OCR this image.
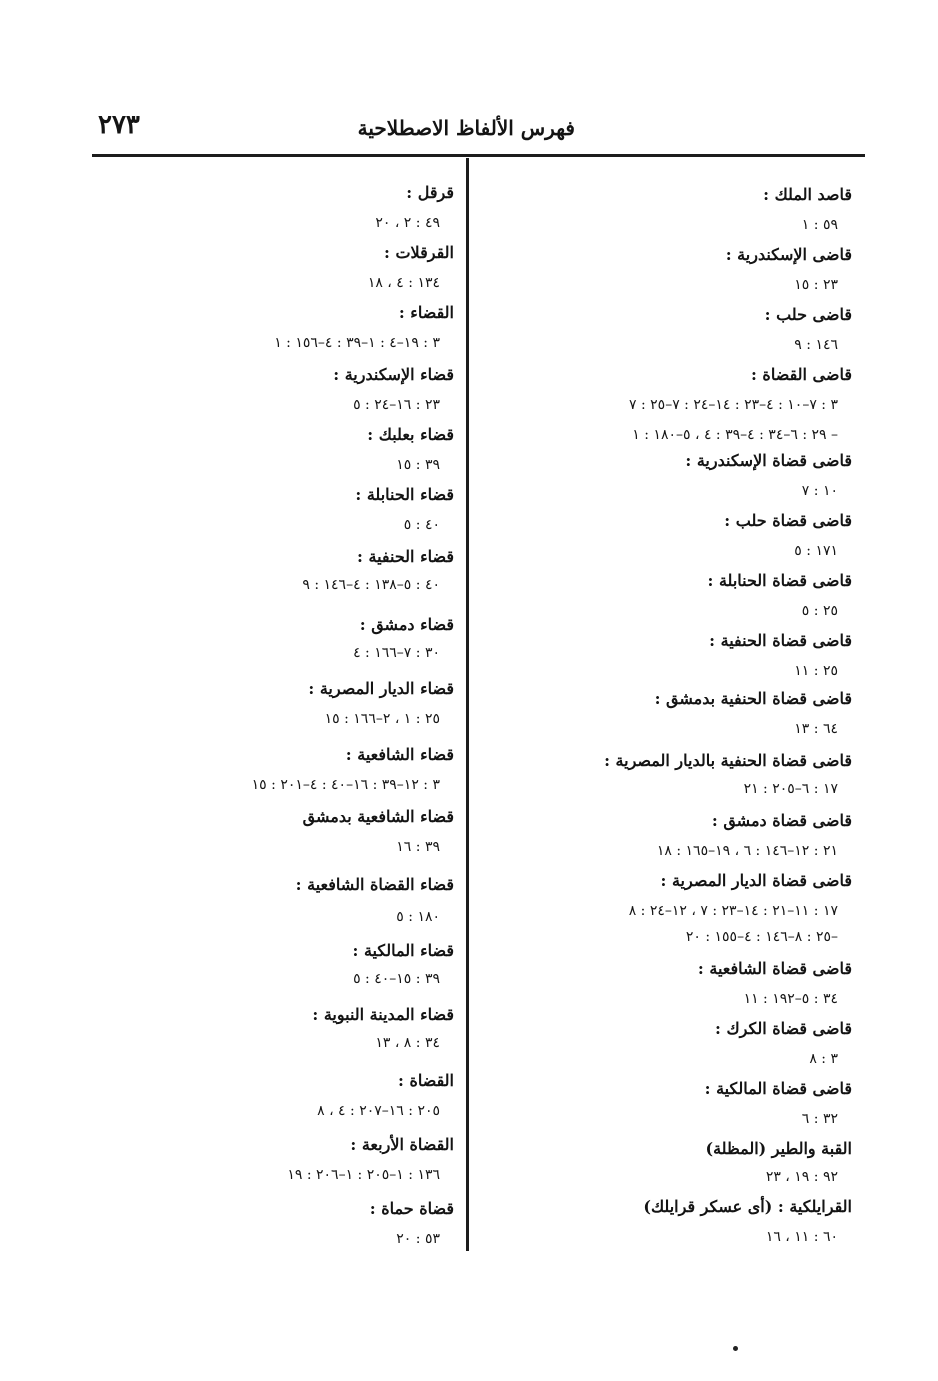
٢٧٣	فهرس الألفاظ الاصطلاحية
قاصد الملك :
٥٩ : ١
قاضى الإسكندرية :
٢٣ : ١٥
قاضى حلب :
١٤٦ : ٩
قاضى القضاة :
٣ : ٧–١٠ : ٤–٢٣ : ١٤–٢٤ : ٧–٢٥ : ٧
– ٢٩ : ٦–٣٤ : ٤–٣٩ : ٤ ، ٥–١٨٠ : ١
قاضى قضاة الإسكندرية :
١٠ : ٧
قاضى قضاة حلب :
١٧١ : ٥
قاضى قضاة الحنابلة :
٢٥ : ٥
قاضى قضاة الحنفية :
٢٥ : ١١
قاضى قضاة الحنفية بدمشق :
٦٤ : ١٣
قاضى قضاة الحنفية بالديار المصرية :
١٧ : ٦–٢٠٥ : ٢١
قاضى قضاة دمشق :
٢١ : ١٢–١٤٦ : ٦ ، ١٩–١٦٥ : ١٨
قاضى قضاة الديار المصرية :
١٧ : ١١–٢١ : ١٤–٢٣ : ٧ ، ١٢–٢٤ : ٨
–٢٥ : ٨–١٤٦ : ٤–١٥٥ : ٢٠
قاضى قضاة الشافعية :
٣٤ : ٥–١٩٢ : ١١
قاضى قضاة الكرك :
٣ : ٨
قاضى قضاة المالكية :
٣٢ : ٦
القبة والطير (المظلة)
٩٢ : ١٩ ، ٢٣
القرايلكية : (أى عسكر قرايلك)
٦٠ : ١١ ، ١٦
قرقل :
٤٩ : ٢ ، ٢٠
القرقلات :
١٣٤ : ٤ ، ١٨
القضاء :
٣ : ١٩–٤ : ١–٣٩ : ٤–١٥٦ : ١
قضاء الإسكندرية :
٢٣ : ١٦–٢٤ : ٥
قضاء بعلبك :
٣٩ : ١٥
قضاء الحنابلة :
٤٠ : ٥
قضاء الحنفية :
٤٠ : ٥–١٣٨ : ٤–١٤٦ : ٩
قضاء دمشق :
٣٠ : ٧–١٦٦ : ٤
قضاء الديار المصرية :
٢٥ : ١ ، ٢–١٦٦ : ١٥
قضاء الشافعية :
٣ : ١٢–٣٩ : ١٦–٤٠ : ٤–٢٠١ : ١٥
قضاء الشافعية بدمشق
٣٩ : ١٦
قضاء القضاة الشافعية :
١٨٠ : ٥
قضاء المالكية :
٣٩ : ١٥–٤٠ : ٥
قضاء المدينة النبوية :
٣٤ : ٨ ، ١٣
القضاة :
٢٠٥ : ١٦–٢٠٧ : ٤ ، ٨
القضاة الأربعة :
١٣٦ : ١–٢٠٥ : ١–٢٠٦ : ١٩
قضاة حماة :
٥٣ : ٢٠
